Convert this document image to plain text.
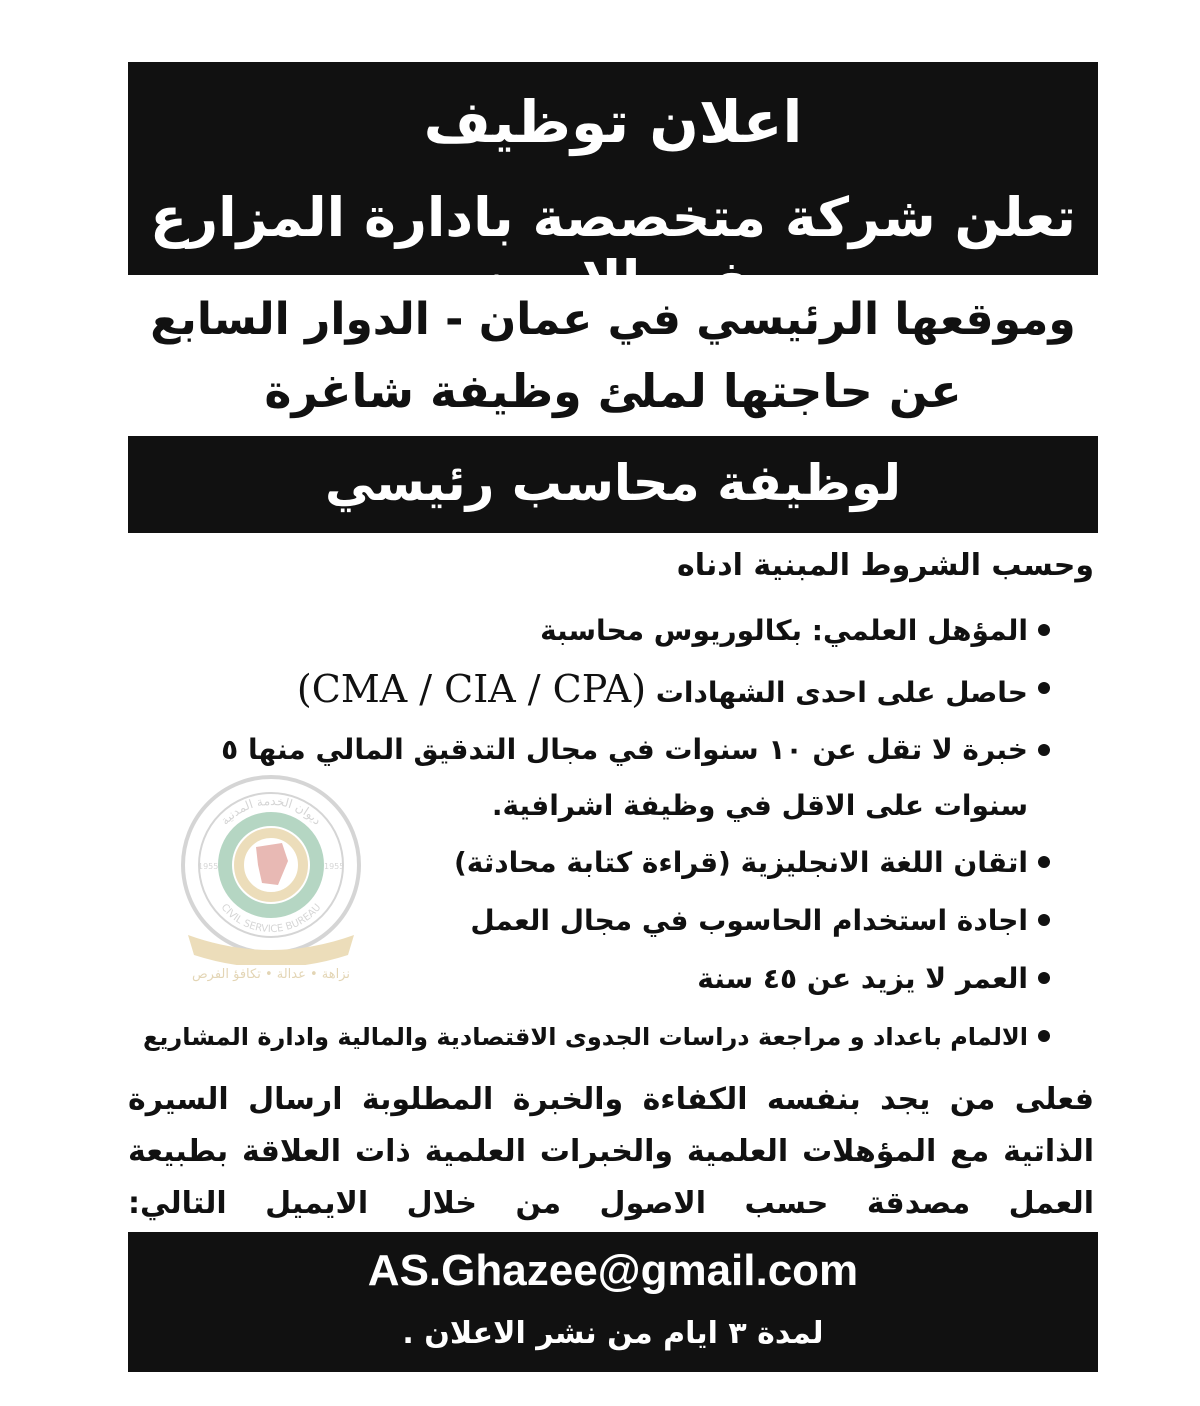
اعلان توظيف
تعلن شركة متخصصة بادارة المزارع في الاردن
وموقعها الرئيسي في عمان - الدوار السابع
عن حاجتها لملئ وظيفة شاغرة
لوظيفة محاسب رئيسي
وحسب الشروط المبنية ادناه
المؤهل العلمي: بكالوريوس محاسبة
حاصل على احدى الشهادات (CMA / CIA / CPA)
خبرة لا تقل عن ١٠ سنوات في مجال التدقيق المالي منها ٥ سنوات على الاقل في وظيفة اشرافية.
اتقان اللغة الانجليزية (قراءة كتابة محادثة)
اجادة استخدام الحاسوب في مجال العمل
العمر لا يزيد عن ٤٥ سنة
الالمام باعداد و مراجعة دراسات الجدوى الاقتصادية والمالية وادارة المشاريع
فعلى من يجد بنفسه الكفاءة والخبرة المطلوبة ارسال السيرة الذاتية مع المؤهلات العلمية والخبرات العلمية ذات العلاقة بطبيعة العمل مصدقة حسب الاصول من خلال الايميل التالي:
AS.Ghazee@gmail.com
لمدة ٣ ايام من نشر الاعلان .
ديوان الخدمة المدنية
CIVIL SERVICE BUREAU
1955	1955
نزاهة • عدالة • تكافؤ الفرص
